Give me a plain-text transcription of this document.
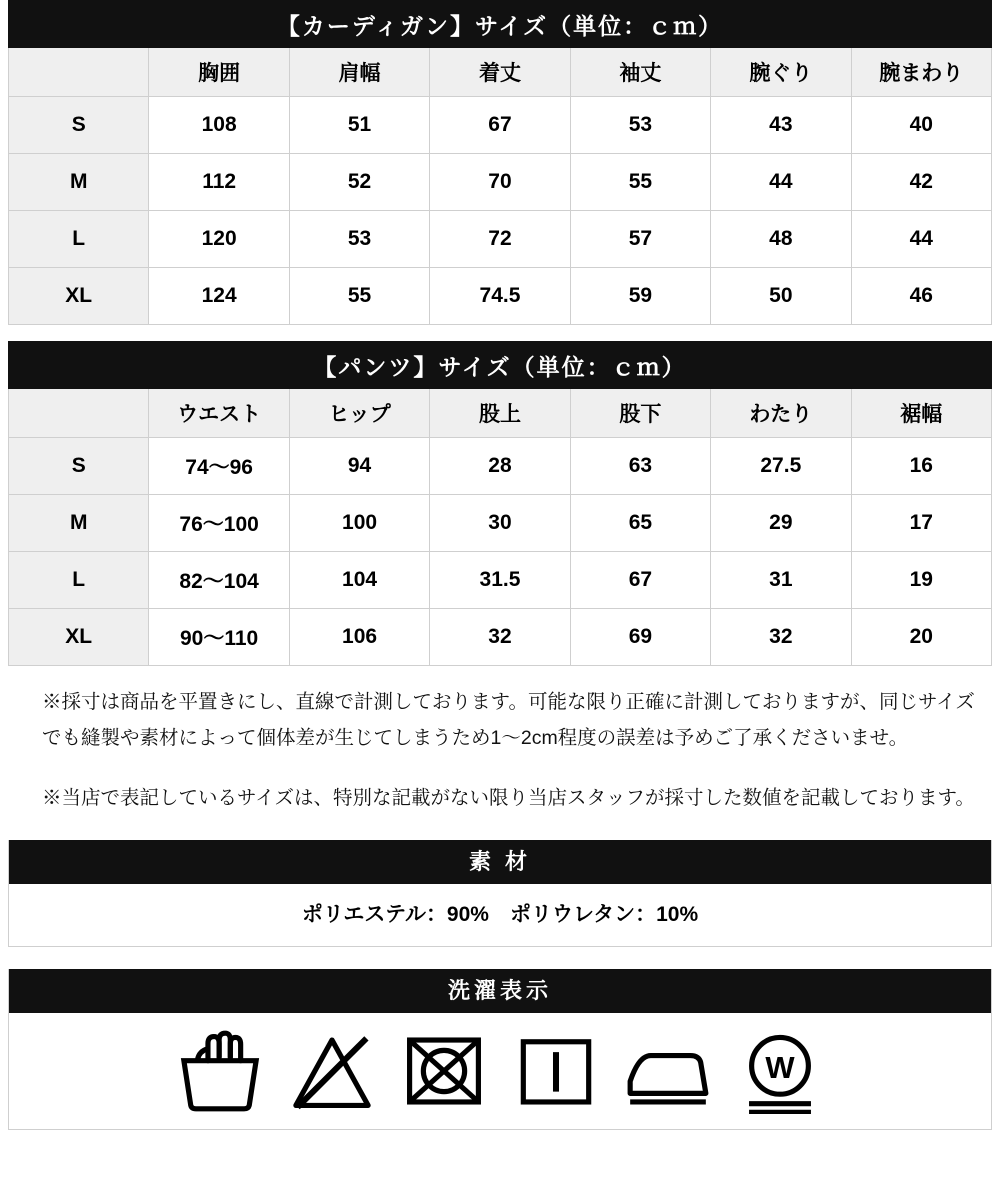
【カーディガン】サイズ（単位：ｃｍ）						
	胸囲	肩幅	着丈	袖丈	腕ぐり	腕まわり
S	108	51	67	53	43	40
M	112	52	70	55	44	42
L	120	53	72	57	48	44
XL	124	55	74.5	59	50	46
【パンツ】サイズ（単位：ｃｍ）						
	ウエスト	ヒップ	股上	股下	わたり	裾幅
S	74〜96	94	28	63	27.5	16
M	76〜100	100	30	65	29	17
L	82〜104	104	31.5	67	31	19
XL	90〜110	106	32	69	32	20

※採寸は商品を平置きにし、直線で計測しております。可能な限り正確に計測しておりますが、同じサイズでも縫製や素材によって個体差が生じてしまうため1〜2cm程度の誤差は予めご了承くださいませ。

※当店で表記しているサイズは、特別な記載がない限り当店スタッフが採寸した数値を記載しております。

素 材
ポリエステル：90%　ポリウレタン：10%
洗濯表示
W
